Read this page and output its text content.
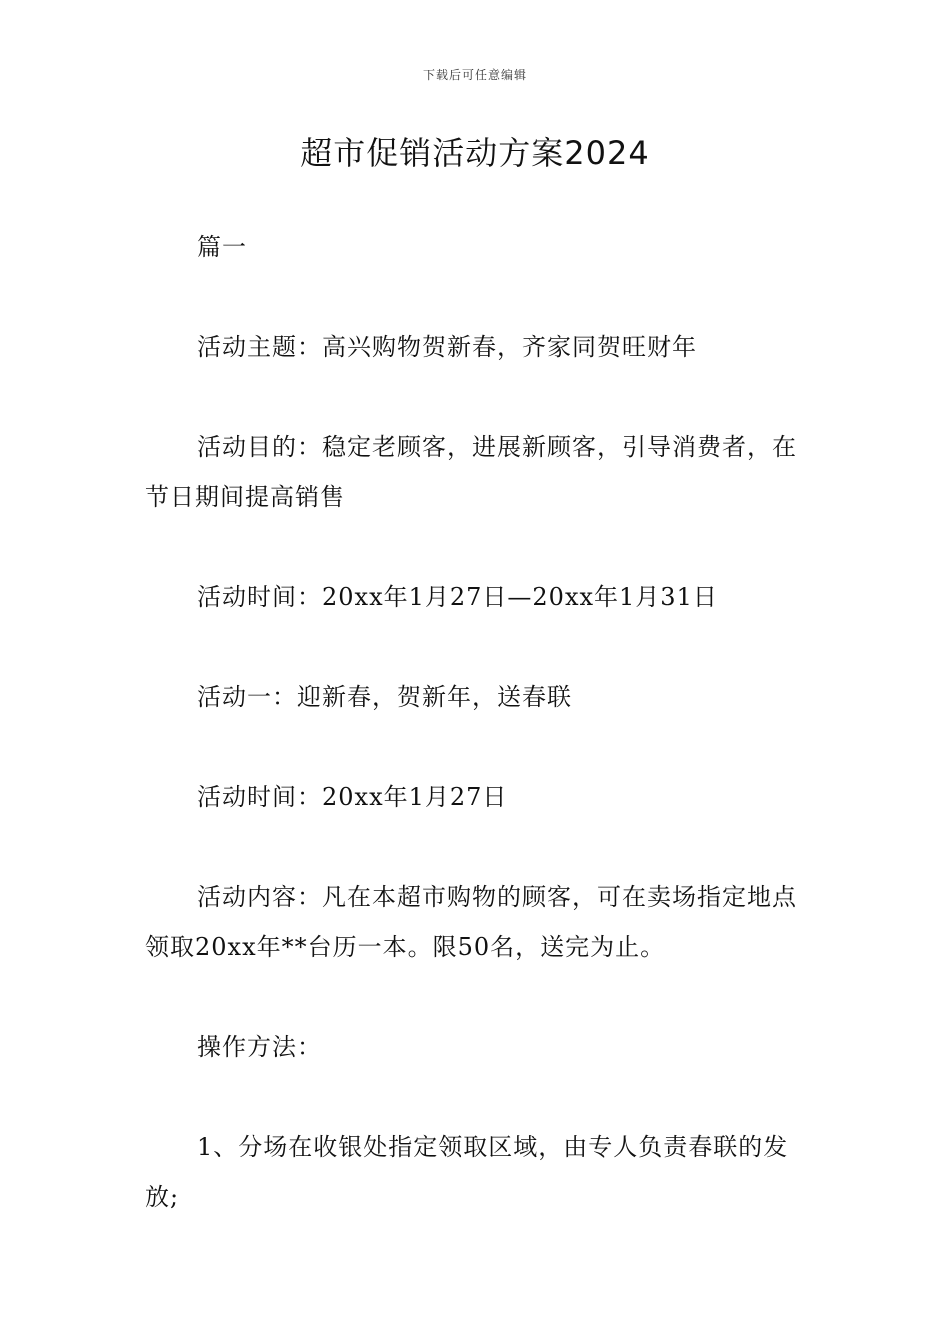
下载后可任意编辑
超市促销活动方案2024

篇一

活动主题：高兴购物贺新春，齐家同贺旺财年

活动目的：稳定老顾客，进展新顾客，引导消费者，在节日期间提高销售

活动时间：20xx年1月27日—20xx年1月31日

活动一：迎新春，贺新年，送春联

活动时间：20xx年1月27日

活动内容：凡在本超市购物的顾客，可在卖场指定地点领取20xx年**台历一本。限50名，送完为止。

操作方法：

1、分场在收银处指定领取区域，由专人负责春联的发放;
